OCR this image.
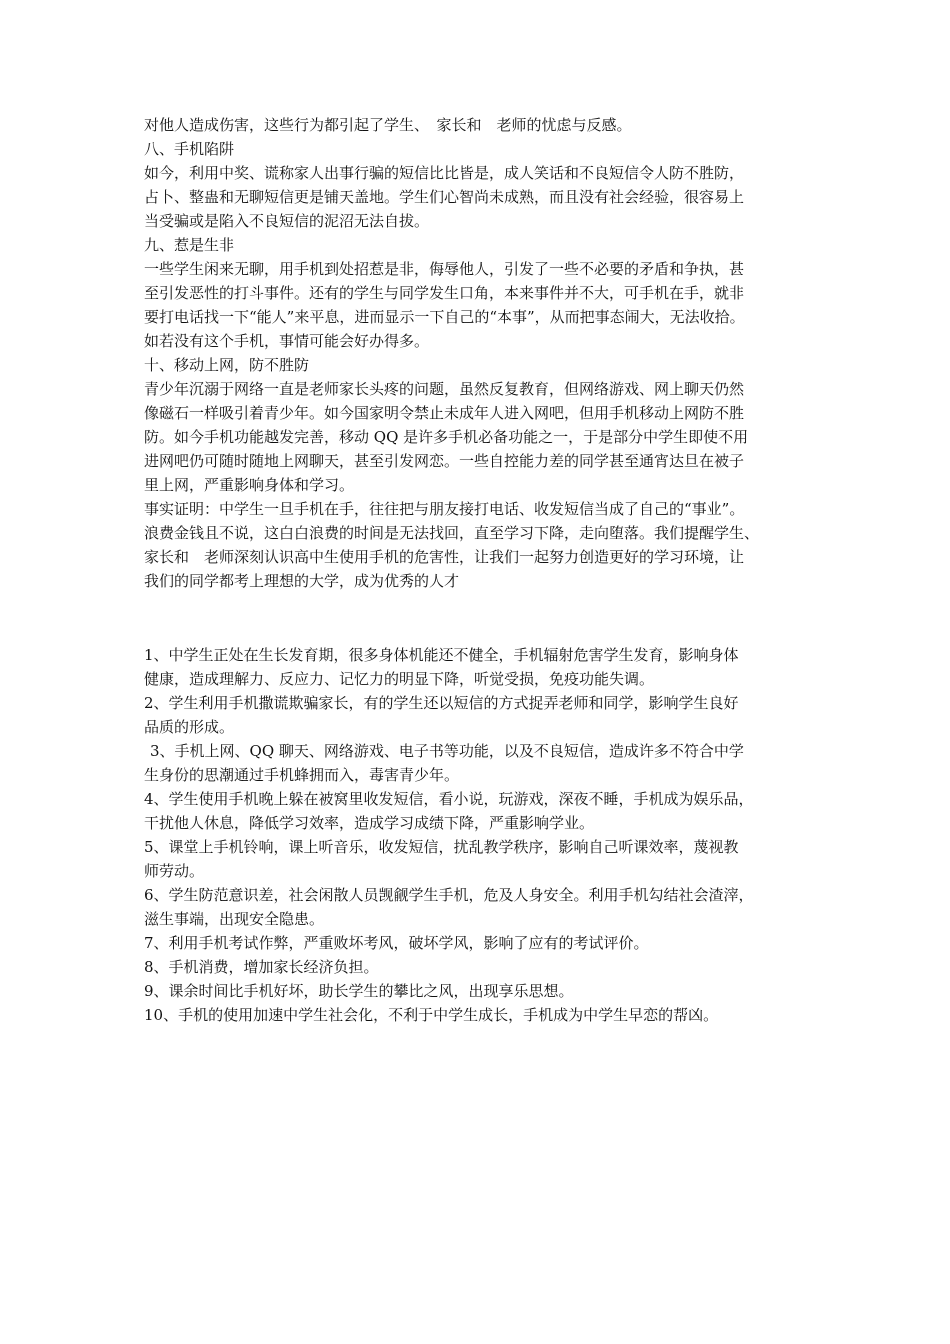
对他人造成伤害，这些行为都引起了学生、　家长和　老师的忧虑与反感。
八、手机陷阱
如今，利用中奖、谎称家人出事行骗的短信比比皆是，成人笑话和不良短信令人防不胜防，
占卜、整蛊和无聊短信更是铺天盖地。学生们心智尚未成熟，而且没有社会经验，很容易上
当受骗或是陷入不良短信的泥沼无法自拔。
九、惹是生非
一些学生闲来无聊，用手机到处招惹是非，侮辱他人，引发了一些不必要的矛盾和争执，甚
至引发恶性的打斗事件。还有的学生与同学发生口角，本来事件并不大，可手机在手，就非
要打电话找一下“能人”来平息，进而显示一下自己的“本事”，从而把事态闹大，无法收拾。
如若没有这个手机，事情可能会好办得多。
十、移动上网，防不胜防
青少年沉溺于网络一直是老师家长头疼的问题，虽然反复教育，但网络游戏、网上聊天仍然
像磁石一样吸引着青少年。如今国家明令禁止未成年人进入网吧，但用手机移动上网防不胜
防。如今手机功能越发完善，移动 QQ 是许多手机必备功能之一，于是部分中学生即使不用
进网吧仍可随时随地上网聊天，甚至引发网恋。一些自控能力差的同学甚至通宵达旦在被子
里上网，严重影响身体和学习。
事实证明：中学生一旦手机在手，往往把与朋友接打电话、收发短信当成了自己的“事业”。
浪费金钱且不说，这白白浪费的时间是无法找回，直至学习下降，走向堕落。我们提醒学生、
家长和　老师深刻认识高中生使用手机的危害性，让我们一起努力创造更好的学习环境，让
我们的同学都考上理想的大学，成为优秀的人才
1、中学生正处在生长发育期，很多身体机能还不健全，手机辐射危害学生发育，影响身体
健康，造成理解力、反应力、记忆力的明显下降，听觉受损，免疫功能失调。
2、学生利用手机撒谎欺骗家长，有的学生还以短信的方式捉弄老师和同学，影响学生良好
品质的形成。
3、手机上网、QQ 聊天、网络游戏、电子书等功能，以及不良短信，造成许多不符合中学
生身份的思潮通过手机蜂拥而入，毒害青少年。
4、学生使用手机晚上躲在被窝里收发短信，看小说，玩游戏，深夜不睡，手机成为娱乐品，
干扰他人休息，降低学习效率，造成学习成绩下降，严重影响学业。
5、课堂上手机铃响，课上听音乐，收发短信，扰乱教学秩序，影响自己听课效率，蔑视教
师劳动。
6、学生防范意识差，社会闲散人员觊觎学生手机，危及人身安全。利用手机勾结社会渣滓，
滋生事端，出现安全隐患。
7、利用手机考试作弊，严重败坏考风，破坏学风，影响了应有的考试评价。
8、手机消费，增加家长经济负担。
9、课余时间比手机好坏，助长学生的攀比之风，出现享乐思想。
10、手机的使用加速中学生社会化，不利于中学生成长，手机成为中学生早恋的帮凶。
